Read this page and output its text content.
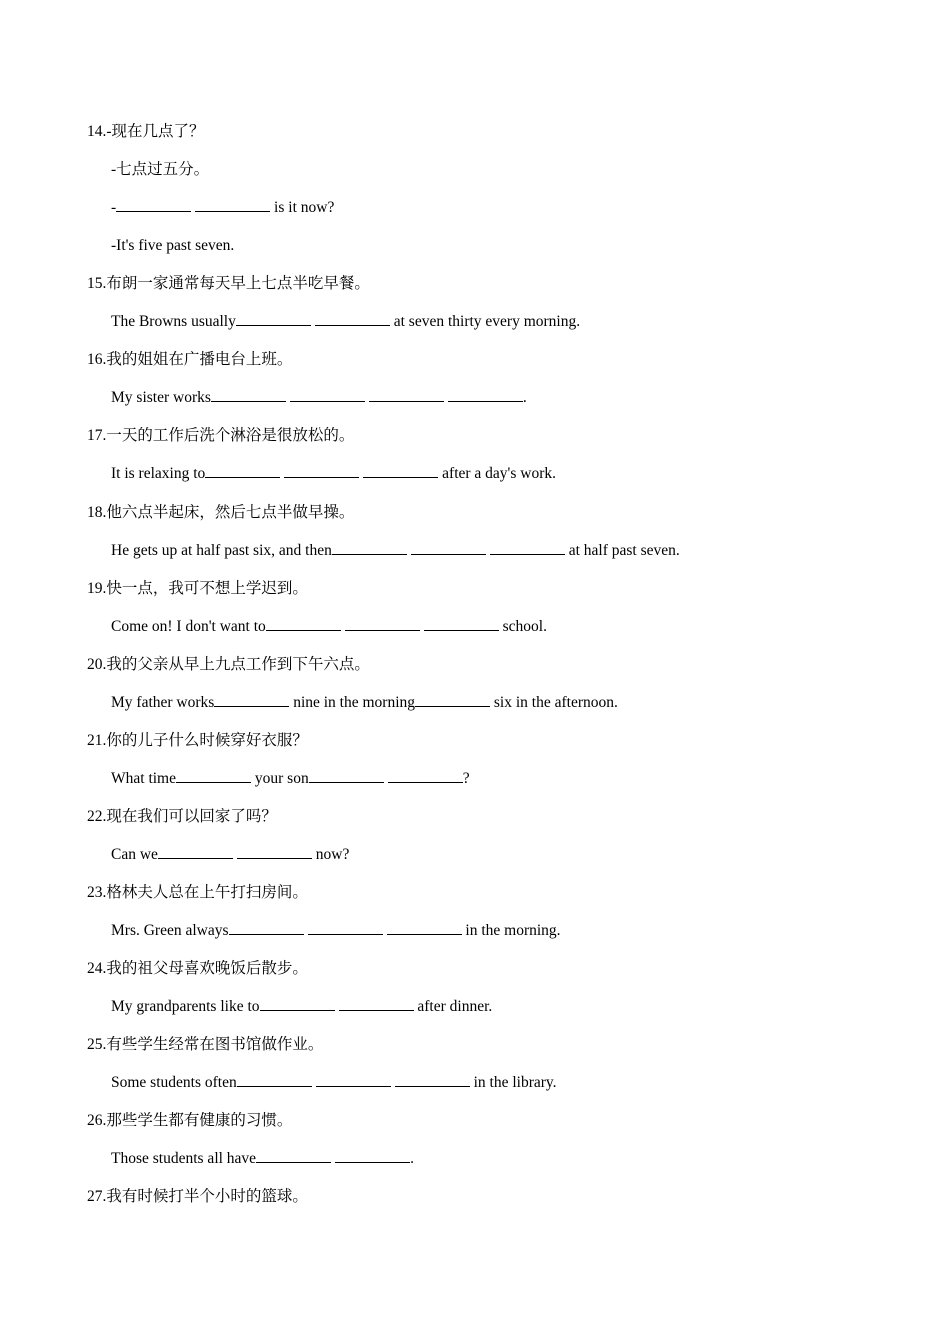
14.-现在几点了？
-七点过五分。
-	is it now?
-It's five past seven.
15.布朗一家通常每天早上七点半吃早餐。
The Browns usually	at seven thirty every morning.
16.我的姐姐在广播电台上班。
My sister works	.
17.一天的工作后洗个淋浴是很放松的。
It is relaxing to	after a day's work.
18.他六点半起床，然后七点半做早操。
He gets up at half past six, and then	at half past seven.
19.快一点，我可不想上学迟到。
Come on! I don't want to	school.
20.我的父亲从早上九点工作到下午六点。
My father works	nine in the morning	six in the afternoon.
21.你的儿子什么时候穿好衣服？
What time	your son	?
22.现在我们可以回家了吗？
Can we	now?
23.格林夫人总在上午打扫房间。
Mrs. Green always	in the morning.
24.我的祖父母喜欢晚饭后散步。
My grandparents like to	after dinner.
25.有些学生经常在图书馆做作业。
Some students often	in the library.
26.那些学生都有健康的习惯。
Those students all have	.
27.我有时候打半个小时的篮球。
